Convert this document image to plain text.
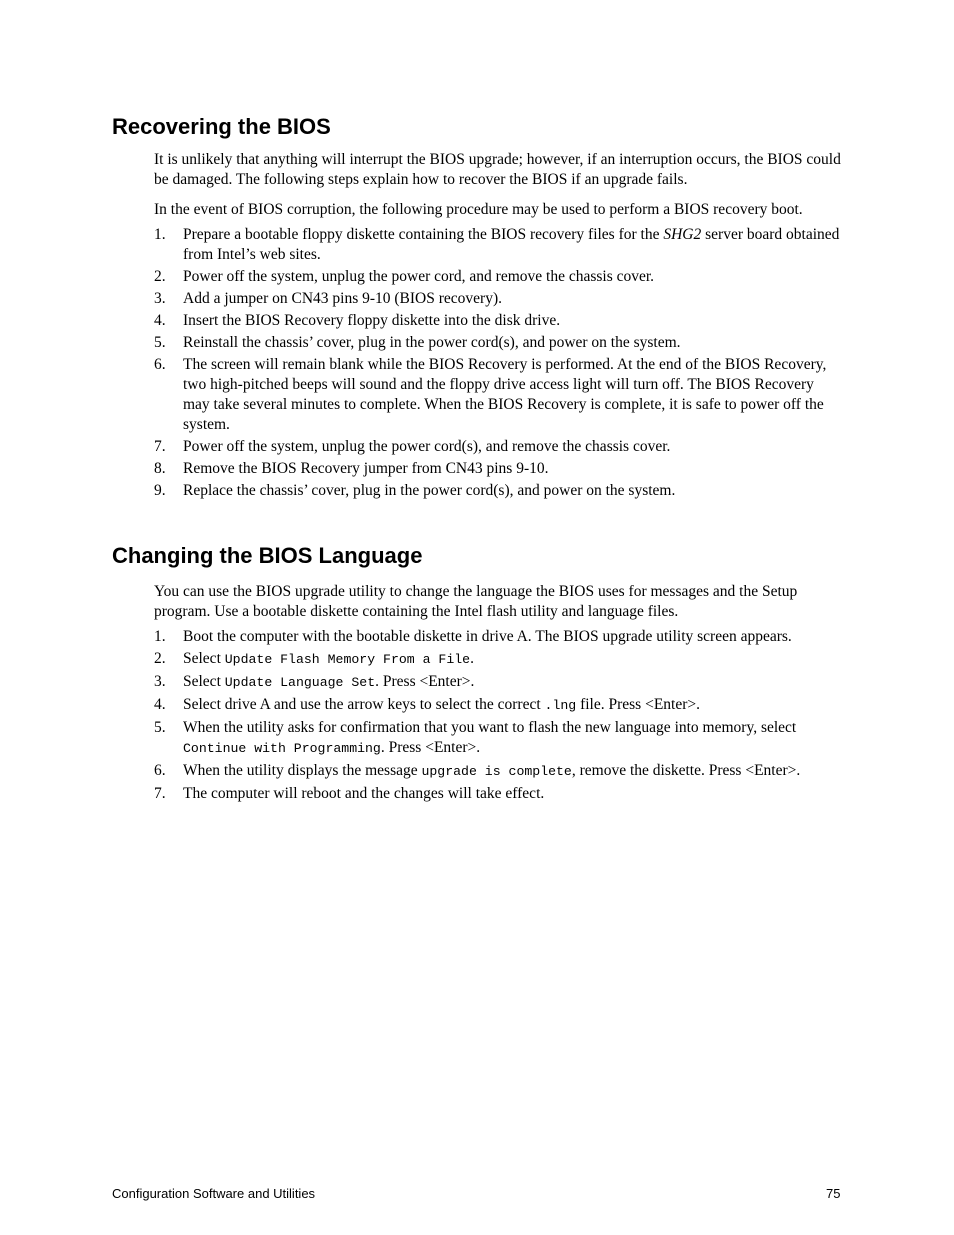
Recovering the BIOS

It is unlikely that anything will interrupt the BIOS upgrade; however, if an interruption occurs, the BIOS could be damaged. The following steps explain how to recover the BIOS if an upgrade fails.

In the event of BIOS corruption, the following procedure may be used to perform a BIOS recovery boot.

1. Prepare a bootable floppy diskette containing the BIOS recovery files for the SHG2 server board obtained from Intel’s web sites.
2. Power off the system, unplug the power cord, and remove the chassis cover.
3. Add a jumper on CN43 pins 9-10 (BIOS recovery).
4. Insert the BIOS Recovery floppy diskette into the disk drive.
5. Reinstall the chassis’ cover, plug in the power cord(s), and power on the system.
6. The screen will remain blank while the BIOS Recovery is performed. At the end of the BIOS Recovery, two high-pitched beeps will sound and the floppy drive access light will turn off. The BIOS Recovery may take several minutes to complete. When the BIOS Recovery is complete, it is safe to power off the system.
7. Power off the system, unplug the power cord(s), and remove the chassis cover.
8. Remove the BIOS Recovery jumper from CN43 pins 9-10.
9. Replace the chassis’ cover, plug in the power cord(s), and power on the system.
Changing the BIOS Language

You can use the BIOS upgrade utility to change the language the BIOS uses for messages and the Setup program. Use a bootable diskette containing the Intel flash utility and language files.

1. Boot the computer with the bootable diskette in drive A. The BIOS upgrade utility screen appears.
2. Select Update Flash Memory From a File.
3. Select Update Language Set. Press <Enter>.
4. Select drive A and use the arrow keys to select the correct .lng file. Press <Enter>.
5. When the utility asks for confirmation that you want to flash the new language into memory, select Continue with Programming. Press <Enter>.
6. When the utility displays the message upgrade is complete, remove the diskette. Press <Enter>.
7. The computer will reboot and the changes will take effect.
Configuration Software and Utilities	75
